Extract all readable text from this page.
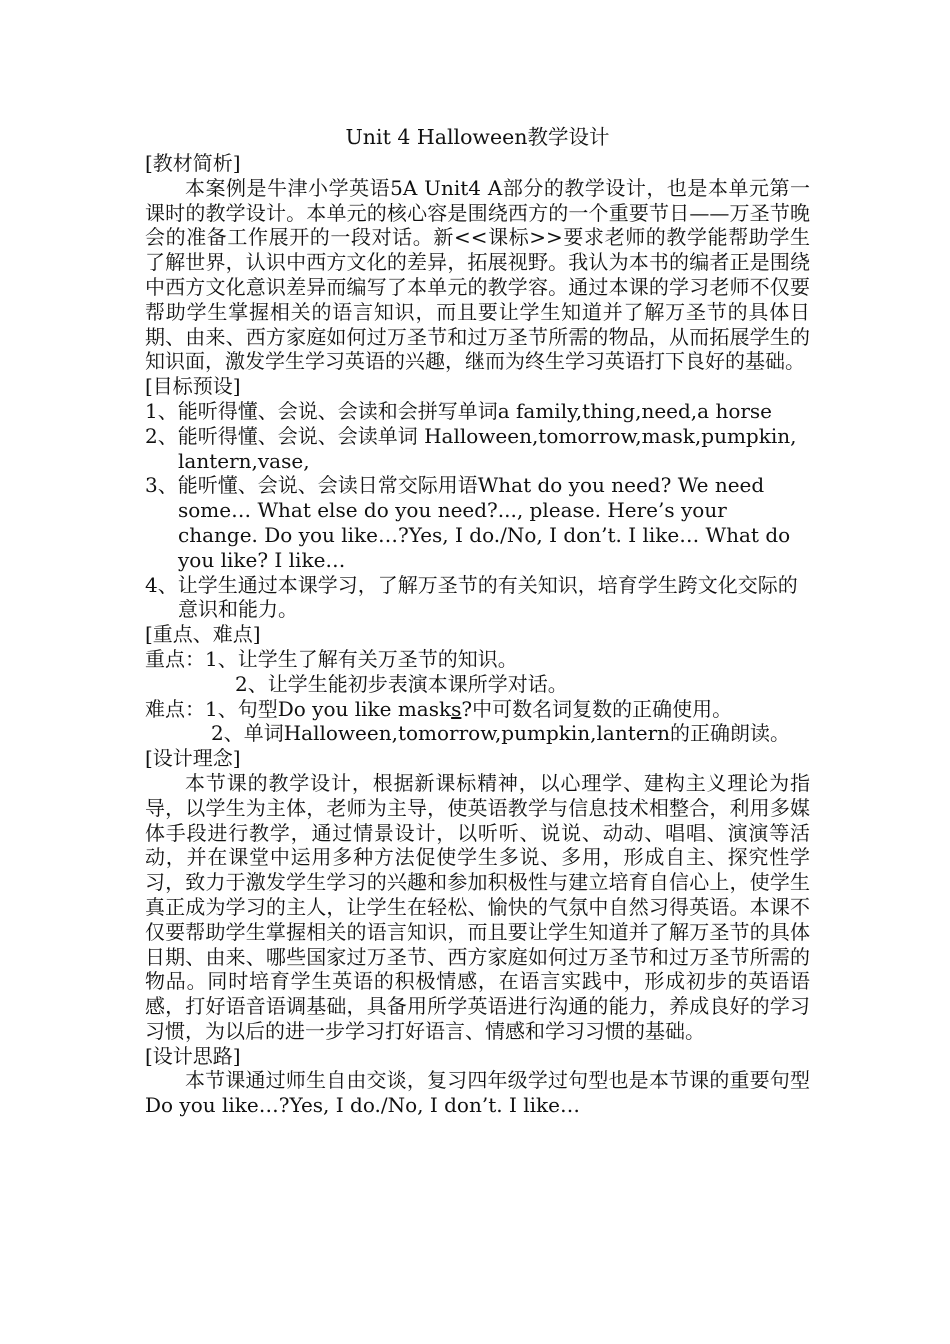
Unit 4 Halloween教学设计

[教材简析]

本案例是牛津小学英语5A Unit4 A部分的教学设计，也是本单元第一课时的教学设计。本单元的核心容是围绕西方的一个重要节日——万圣节晚会的准备工作展开的一段对话。新<<课标>>要求老师的教学能帮助学生了解世界，认识中西方文化的差异，拓展视野。我认为本书的编者正是围绕中西方文化意识差异而编写了本单元的教学容。通过本课的学习老师不仅要帮助学生掌握相关的语言知识，而且要让学生知道并了解万圣节的具体日期、由来、西方家庭如何过万圣节和过万圣节所需的物品，从而拓展学生的知识面，激发学生学习英语的兴趣，继而为终生学习英语打下良好的基础。

[目标预设]

1、能听得懂、会说、会读和会拼写单词a family,thing,need,a horse

2、能听得懂、会说、会读单词 Halloween,tomorrow,mask,pumpkin, lantern,vase,

3、能听懂、会说、会读日常交际用语What do you need? We need some… What else do you need?..., please. Here’s your change. Do you like…?Yes, I do./No, I don’t. I like… What do you like? I like…

4、让学生通过本课学习，了解万圣节的有关知识，培育学生跨文化交际的意识和能力。

[重点、难点]

重点：1、让学生了解有关万圣节的知识。

2、让学生能初步表演本课所学对话。

难点：1、句型Do you like masks?中可数名词复数的正确使用。

2、单词Halloween,tomorrow,pumpkin,lantern的正确朗读。

[设计理念]

本节课的教学设计，根据新课标精神，以心理学、建构主义理论为指导，以学生为主体，老师为主导，使英语教学与信息技术相整合，利用多媒体手段进行教学，通过情景设计，以听听、说说、动动、唱唱、演演等活动，并在课堂中运用多种方法促使学生多说、多用，形成自主、探究性学习，致力于激发学生学习的兴趣和参加积极性与建立培育自信心上，使学生真正成为学习的主人，让学生在轻松、愉快的气氛中自然习得英语。本课不仅要帮助学生掌握相关的语言知识，而且要让学生知道并了解万圣节的具体日期、由来、哪些国家过万圣节、西方家庭如何过万圣节和过万圣节所需的物品。同时培育学生英语的积极情感，在语言实践中，形成初步的英语语感，打好语音语调基础，具备用所学英语进行沟通的能力，养成良好的学习习惯，为以后的进一步学习打好语言、情感和学习习惯的基础。

[设计思路]

本节课通过师生自由交谈，复习四年级学过句型也是本节课的重要句型Do you like…?Yes, I do./No, I don’t. I like…
